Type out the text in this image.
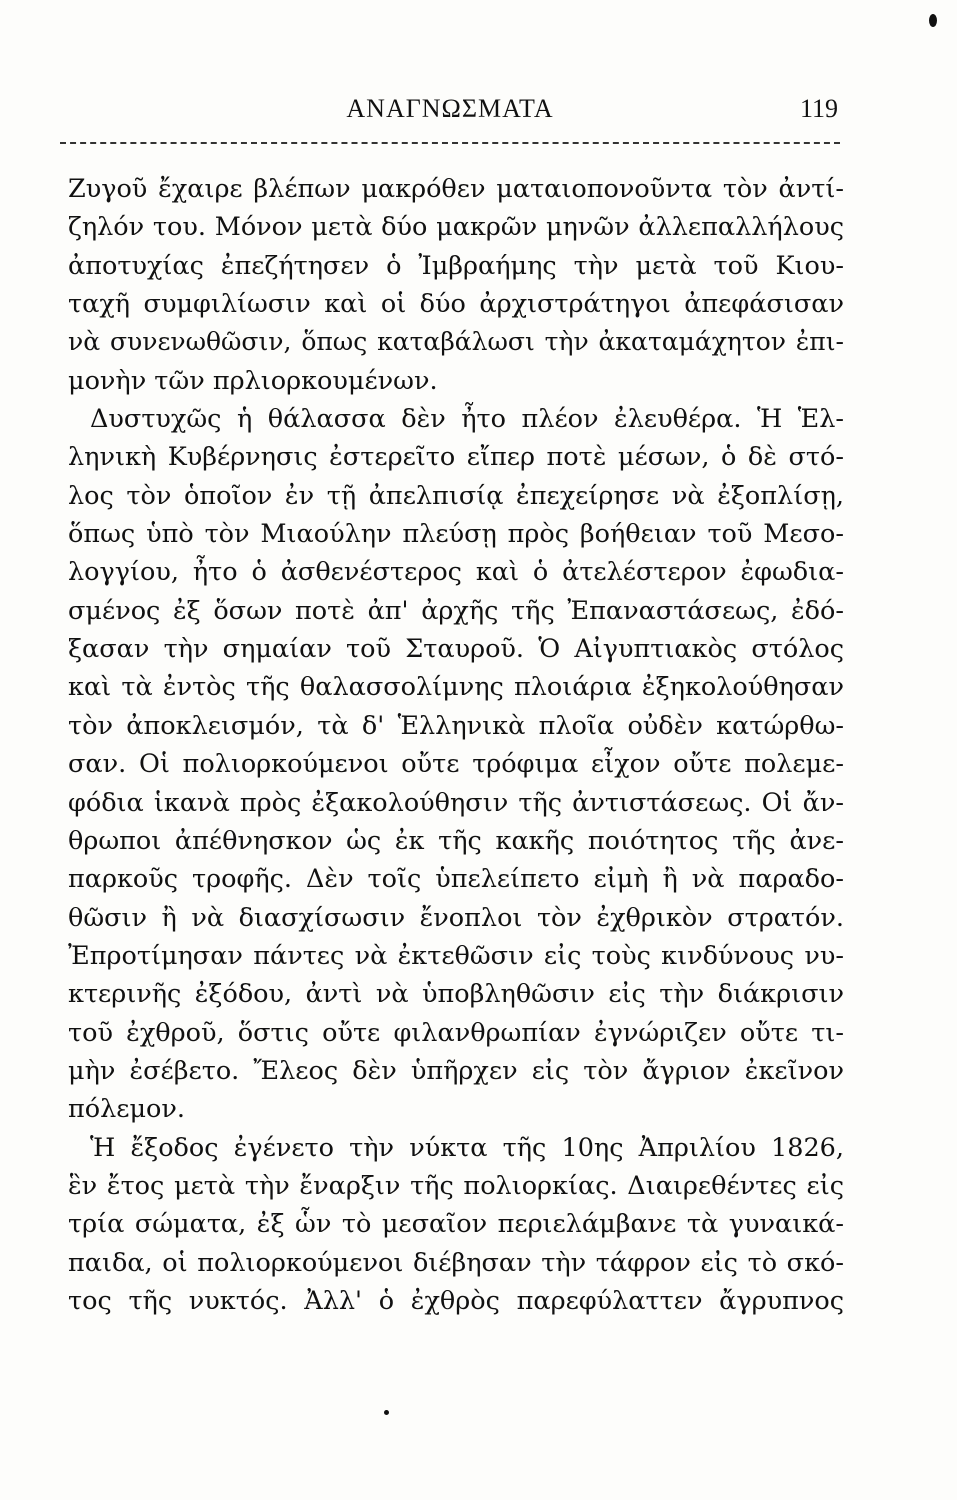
ΑΝΑΓΝΩΣΜΑΤΑ	119
Ζυγοῦ ἔχαιρε βλέπων μακρόθεν ματαιοπονοῦντα τὸν ἀντί-
ζηλόν του. Μόνον μετὰ δύο μακρῶν μηνῶν ἀλλεπαλλήλους
ἀποτυχίας ἐπεζήτησεν ὁ Ἰμβραήμης τὴν μετὰ τοῦ Κιου-
ταχῆ συμφιλίωσιν καὶ οἱ δύο ἀρχιστράτηγοι ἀπεφάσισαν
νὰ συνενωθῶσιν, ὅπως καταβάλωσι τὴν ἀκαταμάχητον ἐπι-
μονὴν τῶν πρλιορκουμένων.
Δυστυχῶς ἡ θάλασσα δὲν ἦτο πλέον ἐλευθέρα. Ἡ Ἑλ-
ληνικὴ Κυβέρνησις ἐστερεῖτο εἴπερ ποτὲ μέσων, ὁ δὲ στό-
λος τὸν ὁποῖον ἐν τῇ ἀπελπισίᾳ ἐπεχείρησε νὰ ἐξοπλίσῃ,
ὅπως ὑπὸ τὸν Μιαούλην πλεύσῃ πρὸς βοήθειαν τοῦ Μεσο-
λογγίου, ἦτο ὁ ἀσθενέστερος καὶ ὁ ἀτελέστερον ἐφωδια-
σμένος ἐξ ὅσων ποτὲ ἀπ' ἀρχῆς τῆς Ἐπαναστάσεως, ἐδό-
ξασαν τὴν σημαίαν τοῦ Σταυροῦ. Ὁ Αἰγυπτιακὸς στόλος
καὶ τὰ ἐντὸς τῆς θαλασσολίμνης πλοιάρια ἐξηκολούθησαν
τὸν ἀποκλεισμόν, τὰ δ' Ἑλληνικὰ πλοῖα οὐδὲν κατώρθω-
σαν. Οἱ πολιορκούμενοι οὔτε τρόφιμα εἶχον οὔτε πολεμε-
φόδια ἱκανὰ πρὸς ἐξακολούθησιν τῆς ἀντιστάσεως. Οἱ ἄν-
θρωποι ἀπέθνησκον ὡς ἐκ τῆς κακῆς ποιότητος τῆς ἀνε-
παρκοῦς τροφῆς. Δὲν τοῖς ὑπελείπετο εἰμὴ ἢ νὰ παραδο-
θῶσιν ἢ νὰ διασχίσωσιν ἔνοπλοι τὸν ἐχθρικὸν στρατόν.
Ἐπροτίμησαν πάντες νὰ ἐκτεθῶσιν εἰς τοὺς κινδύνους νυ-
κτερινῆς ἐξόδου, ἀντὶ νὰ ὑποβληθῶσιν εἰς τὴν διάκρισιν
τοῦ ἐχθροῦ, ὅστις οὔτε φιλανθρωπίαν ἐγνώριζεν οὔτε τι-
μὴν ἐσέβετο. Ἔλεος δὲν ὑπῆρχεν εἰς τὸν ἄγριον ἐκεῖνον
πόλεμον.
Ἡ ἔξοδος ἐγένετο τὴν νύκτα τῆς 10ης Ἀπριλίου 1826,
ἓν ἔτος μετὰ τὴν ἔναρξιν τῆς πολιορκίας. Διαιρεθέντες εἰς
τρία σώματα, ἐξ ὧν τὸ μεσαῖον περιελάμβανε τὰ γυναικά-
παιδα, οἱ πολιορκούμενοι διέβησαν τὴν τάφρον εἰς τὸ σκό-
τος τῆς νυκτός. Ἀλλ' ὁ ἐχθρὸς παρεφύλαττεν ἄγρυπνος
